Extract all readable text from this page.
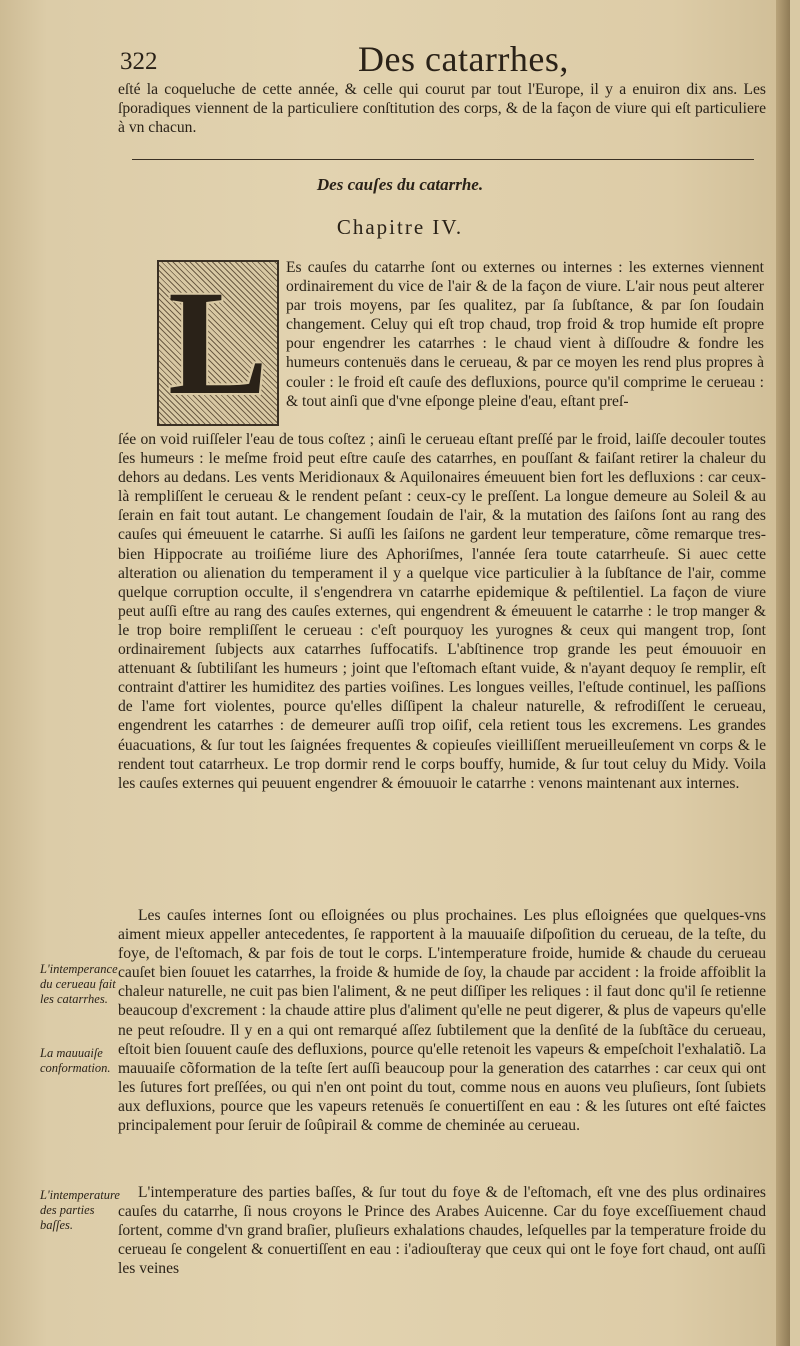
322	Des catarrhes,

eſté la coqueluche de cette année, & celle qui courut par tout l'Europe, il y a enuiron dix ans. Les ſporadiques viennent de la particuliere conſtitution des corps, & de la façon de viure qui eſt particuliere à vn chacun.

Des cauſes du catarrhe.
Chapitre IV.
L	Es cauſes du catarrhe ſont ou externes ou internes : les externes viennent ordinairement du vice de l'air & de la façon de viure. L'air nous peut alterer par trois moyens, par ſes qualitez, par ſa ſubſtance, & par ſon ſoudain changement. Celuy qui eſt trop chaud, trop froid & trop humide eſt propre pour engendrer les catarrhes : le chaud vient à diſſoudre & fondre les humeurs contenuës dans le cerueau, & par ce moyen les rend plus propres à couler : le froid eſt cauſe des defluxions, pource qu'il comprime le cerueau : & tout ainſi que d'vne eſponge pleine d'eau, eſtant preſ-

ſée on void ruiſſeler l'eau de tous coſtez ; ainſi le cerueau eſtant preſſé par le froid, laiſſe decouler toutes ſes humeurs : le meſme froid peut eſtre cauſe des catarrhes, en pouſſant & faiſant retirer la chaleur du dehors au dedans. Les vents Meridionaux & Aquilonaires émeuuent bien fort les defluxions : car ceux-là rempliſſent le cerueau & le rendent peſant : ceux-cy le preſſent. La longue demeure au Soleil & au ſerain en fait tout autant. Le changement ſoudain de l'air, & la mutation des ſaiſons ſont au rang des cauſes qui émeuuent le catarrhe. Si auſſi les ſaiſons ne gardent leur temperature, cõme remarque tres-bien Hippocrate au troiſiéme liure des Aphoriſmes, l'année ſera toute catarrheuſe. Si auec cette alteration ou alienation du temperament il y a quelque vice particulier à la ſubſtance de l'air, comme quelque corruption occulte, il s'engendrera vn catarrhe epidemique & peſtilentiel. La façon de viure peut auſſi eſtre au rang des cauſes externes, qui engendrent & émeuuent le catarrhe : le trop manger & le trop boire rempliſſent le cerueau : c'eſt pourquoy les yurognes & ceux qui mangent trop, ſont ordinairement ſubjects aux catarrhes ſuffocatifs. L'abſtinence trop grande les peut émouuoir en attenuant & ſubtiliſant les humeurs ; joint que l'eſtomach eſtant vuide, & n'ayant dequoy ſe remplir, eſt contraint d'attirer les humiditez des parties voiſines. Les longues veilles, l'eſtude continuel, les paſſions de l'ame fort violentes, pource qu'elles diſſipent la chaleur naturelle, & refrodiſſent le cerueau, engendrent les catarrhes : de demeurer auſſi trop oiſif, cela retient tous les excremens. Les grandes éuacuations, & ſur tout les ſaignées frequentes & copieuſes vieilliſſent merueilleuſement vn corps & le rendent tout catarrheux. Le trop dormir rend le corps bouffy, humide, & ſur tout celuy du Midy. Voila les cauſes externes qui peuuent engendrer & émouuoir le catarrhe : venons maintenant aux internes.

Les cauſes internes ſont ou eſloignées ou plus prochaines. Les plus eſloignées que quelques-vns aiment mieux appeller antecedentes, ſe rapportent à la mauuaiſe diſpoſition du cerueau, de la teſte, du foye, de l'eſtomach, & par fois de tout le corps. L'intemperature froide, humide & chaude du cerueau cauſet bien ſouuet les catarrhes, la froide & humide de ſoy, la chaude par accident : la froide affoiblit la chaleur naturelle, ne cuit pas bien l'aliment, & ne peut diſſiper les reliques : il faut donc qu'il ſe retienne beaucoup d'excrement : la chaude attire plus d'aliment qu'elle ne peut digerer, & plus de vapeurs qu'elle ne peut reſoudre. Il y en a qui ont remarqué aſſez ſubtilement que la denſité de la ſubſtãce du cerueau, eſtoit bien ſouuent cauſe des defluxions, pource qu'elle retenoit les vapeurs & empeſchoit l'exhalatiõ. La mauuaiſe cõformation de la teſte ſert auſſi beaucoup pour la generation des catarrhes : car ceux qui ont les ſutures fort preſſées, ou qui n'en ont point du tout, comme nous en auons veu pluſieurs, ſont ſubiets aux defluxions, pource que les vapeurs retenuës ſe conuertiſſent en eau : & les ſutures ont eſté faictes principalement pour ſeruir de ſoûpirail & comme de cheminée au cerueau.

L'intemperature des parties baſſes, & ſur tout du foye & de l'eſtomach, eſt vne des plus ordinaires cauſes du catarrhe, ſi nous croyons le Prince des Arabes Auicenne. Car du foye exceſſiuement chaud ſortent, comme d'vn grand braſier, pluſieurs exhalations chaudes, leſquelles par la temperature froide du cerueau ſe congelent & conuertiſſent en eau : i'adiouſteray que ceux qui ont le foye fort chaud, ont auſſi les veines

L'intemperance du cerueau fait les catarrhes.
La mauuaiſe conformation.
L'intemperature des parties baſſes.
